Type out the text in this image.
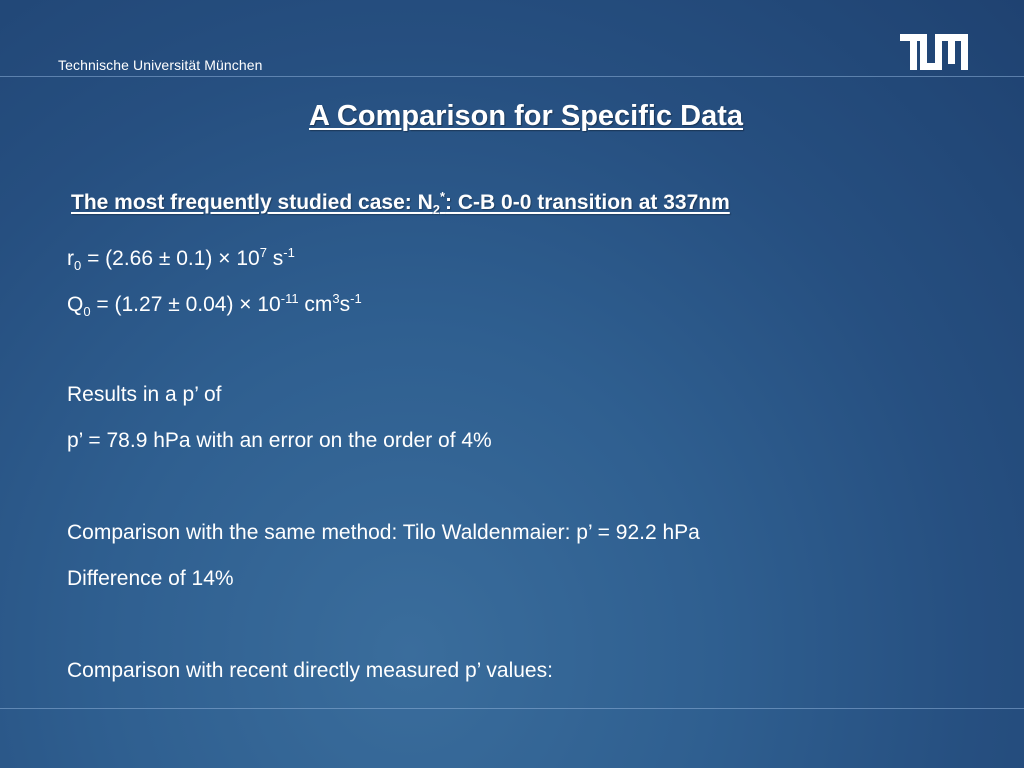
Technische Universität München
A Comparison for Specific Data
The most frequently studied case: $N_2^*$: C-B 0-0 transition at 337nm
$r_0 = (2.66 \pm 0.1) \times 10^7$ $s^{-1}$
$Q_0 = (1.27 \pm 0.04) \times 10^{-11}$ $cm^3s^{-1}$
Results in a p’ of
p’ = 78.9 hPa with an error on the order of 4%
Comparison with the same method: Tilo Waldenmaier: p’ = 92.2 hPa
Difference of 14%
Comparison with recent directly measured p’ values:
